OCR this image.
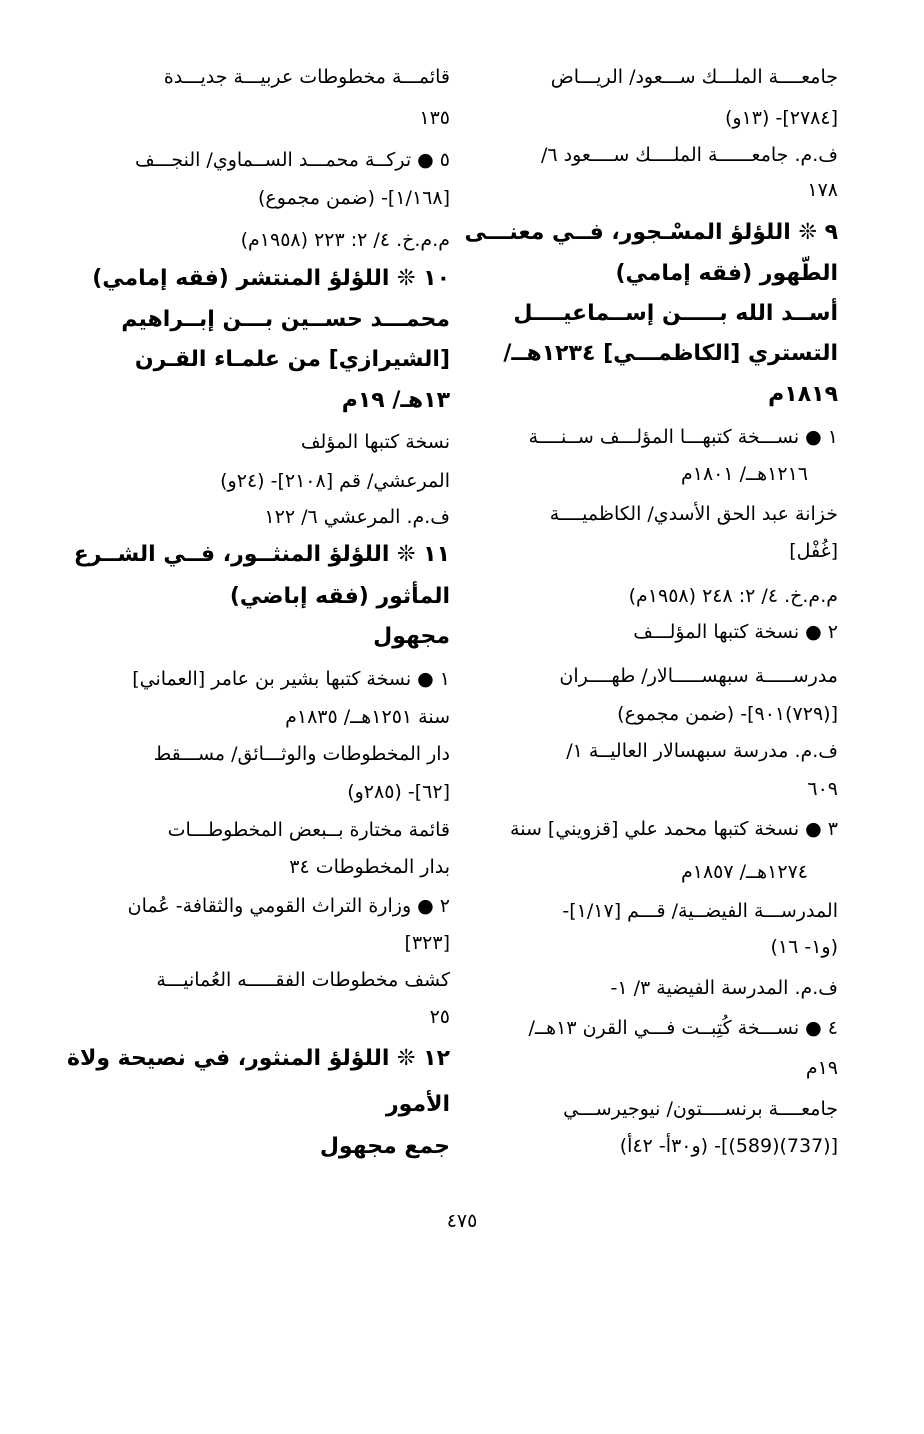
جامعــــة الملـــك ســـعود/ الريـــاض
[٢٧٨٤]- (١٣و)
ف.م. جامعــــــة الملــــك ســــعود ٦/
١٧٨
٩ ❊ اللؤلؤ المسْـجور، فــي معنـــى
الطّهور (فقه إمامي)
أســد الله بـــــن إســماعيــــل
التستري [الكاظمـــي] ١٢٣٤هــ/
١٨١٩م
١ ● نســـخة كتبهـــا المؤلـــف ســنــــة
١٢١٦هــ/ ١٨٠١م
خزانة عبد الحق الأسدي/ الكاظميــــة
[غُفْل]
م.م.خ. ٤/ ٢: ٢٤٨ (١٩٥٨م)
٢ ● نسخة كتبها المؤلـــف
مدرســـــة سبهســـــالار/ طهــــران
[(٧٢٩)٩٠١]- (ضمن مجموع)
ف.م. مدرسة سبهسالار العاليــة ١/
٦٠٩
٣ ● نسخة كتبها محمد علي [قزويني] سنة
١٢٧٤هــ/ ١٨٥٧م
المدرســـة الفيضــية/ قـــم [١/١٧]-
(و١- ١٦)
ف.م. المدرسة الفيضية ٣/ ١-
٤ ● نســـخة كُتِبــت فـــي القرن ١٣هــ/
١٩م
جامعــــة برنســــتون/ نيوجيرســـي
[(737)(589)]- (و٣٠أ- ٤٢أ)
قائمـــة مخطوطات عربيـــة جديـــدة
١٣٥
٥ ● تركــة محمـــد الســماوي/ النجـــف
[١/١٦٨]- (ضمن مجموع)
م.م.خ. ٤/ ٢: ٢٢٣ (١٩٥٨م)
١٠ ❊ اللؤلؤ المنتشر (فقه إمامي)
محمـــد حســين بـــن إبــراهيم
[الشيرازي] من علمـاء القـرن
١٣هـ/ ١٩م
نسخة كتبها المؤلف
المرعشي/ قم [٢١٠٨]- (٢٤و)
ف.م. المرعشي ٦/ ١٢٢
١١ ❊ اللؤلؤ المنثــور، فــي الشــرع
المأثور (فقه إباضي)
مجهول
١ ● نسخة كتبها بشير بن عامر [العماني]
سنة ١٢٥١هــ/ ١٨٣٥م
دار المخطوطات والوثـــائق/ مســـقط
[٦٢]- (٢٨٥و)
قائمة مختارة بــبعض المخطوطـــات
بدار المخطوطات ٣٤
٢ ● وزارة التراث القومي والثقافة- عُمان
[٣٢٣]
كشف مخطوطات الفقـــــه العُمانيـــة
٢٥
١٢ ❊ اللؤلؤ المنثور، في نصيحة ولاة
الأمور
جمع مجهول
٤٧٥
